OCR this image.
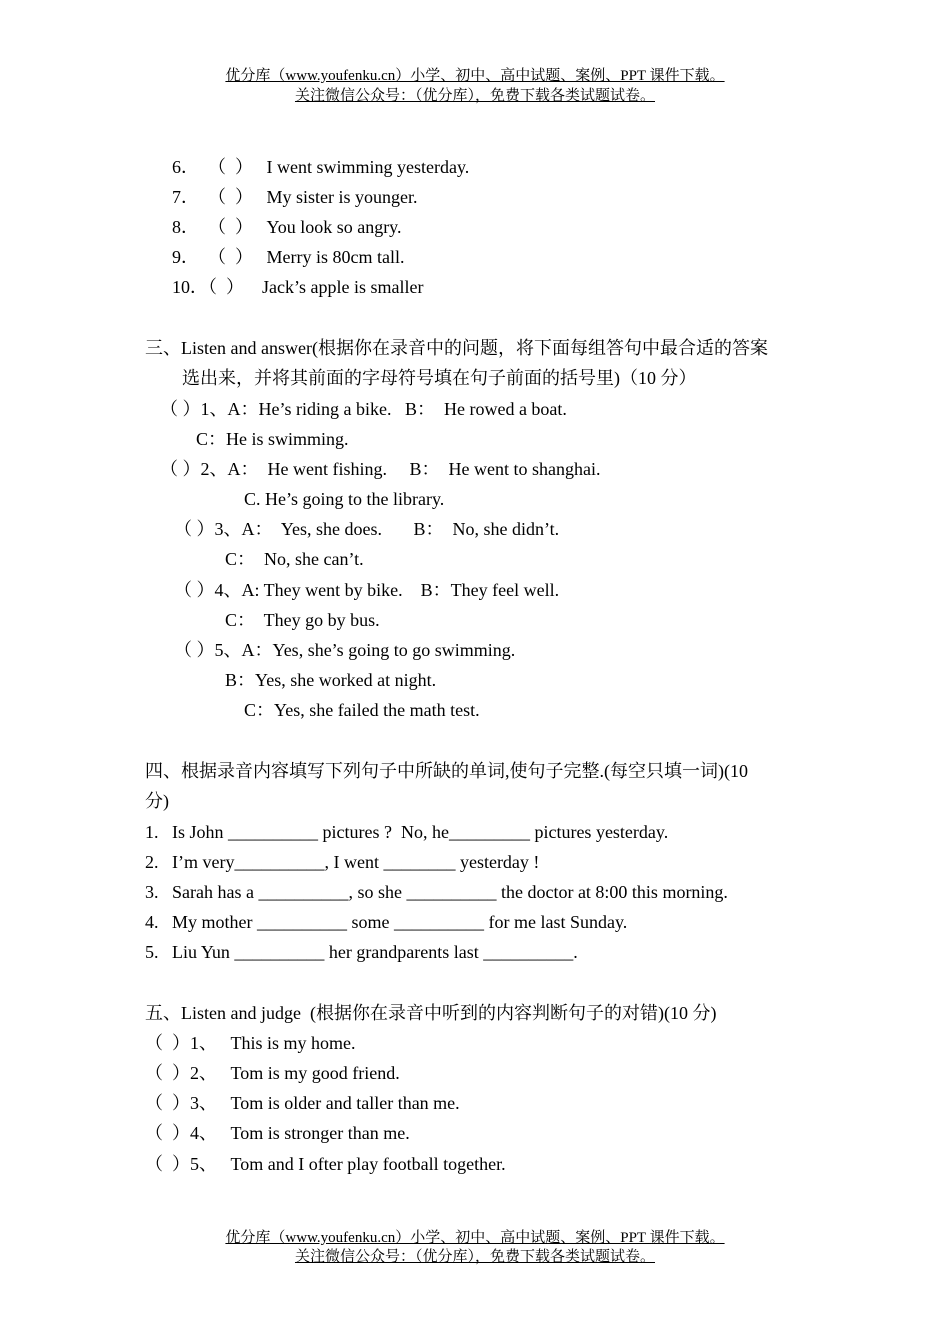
优分库（www.youfenku.cn）小学、初中、高中试题、案例、PPT 课件下载。
关注微信公众号：（优分库），免费下载各类试题试卷。
6．  （  ）   I went swimming yesterday.
7．  （  ）   My sister is younger.
8．  （  ）   You look so angry.
9．  （  ）   Merry is 80cm tall.
10．（  ）    Jack’s apple is smaller
三、Listen and answer(根据你在录音中的问题，将下面每组答句中最合适的答案
选出来，并将其前面的字母符号填在句子前面的括号里)（10 分）
（ ）1、A：He’s riding a bike.   B：  He rowed a boat.
C：He is swimming.
（ ）2、A：  He went fishing.     B：  He went to shanghai.
C. He’s going to the library.
（ ）3、A：  Yes, she does.       B：  No, she didn’t.
C：  No, she can’t.
（ ）4、A: They went by bike.    B：They feel well.
C：  They go by bus.
（ ）5、A：Yes, she’s going to go swimming.
B：Yes, she worked at night.
C：Yes, she failed the math test.
四、根据录音内容填写下列句子中所缺的单词,使句子完整.(每空只填一词)(10
分)
1.   Is John __________ pictures ?  No, he_________ pictures yesterday.
2.   I’m very__________, I went ________ yesterday !
3.   Sarah has a __________, so she __________ the doctor at 8:00 this morning.
4.   My mother __________ some __________ for me last Sunday.
5.   Liu Yun __________ her grandparents last __________.
五、Listen and judge  (根据你在录音中听到的内容判断句子的对错)(10 分)
（  ）1、   This is my home.
（  ）2、   Tom is my good friend.
（  ）3、   Tom is older and taller than me.
（  ）4、   Tom is stronger than me.
（  ）5、   Tom and I ofter play football together.
优分库（www.youfenku.cn）小学、初中、高中试题、案例、PPT 课件下载。
关注微信公众号：（优分库），免费下载各类试题试卷。
